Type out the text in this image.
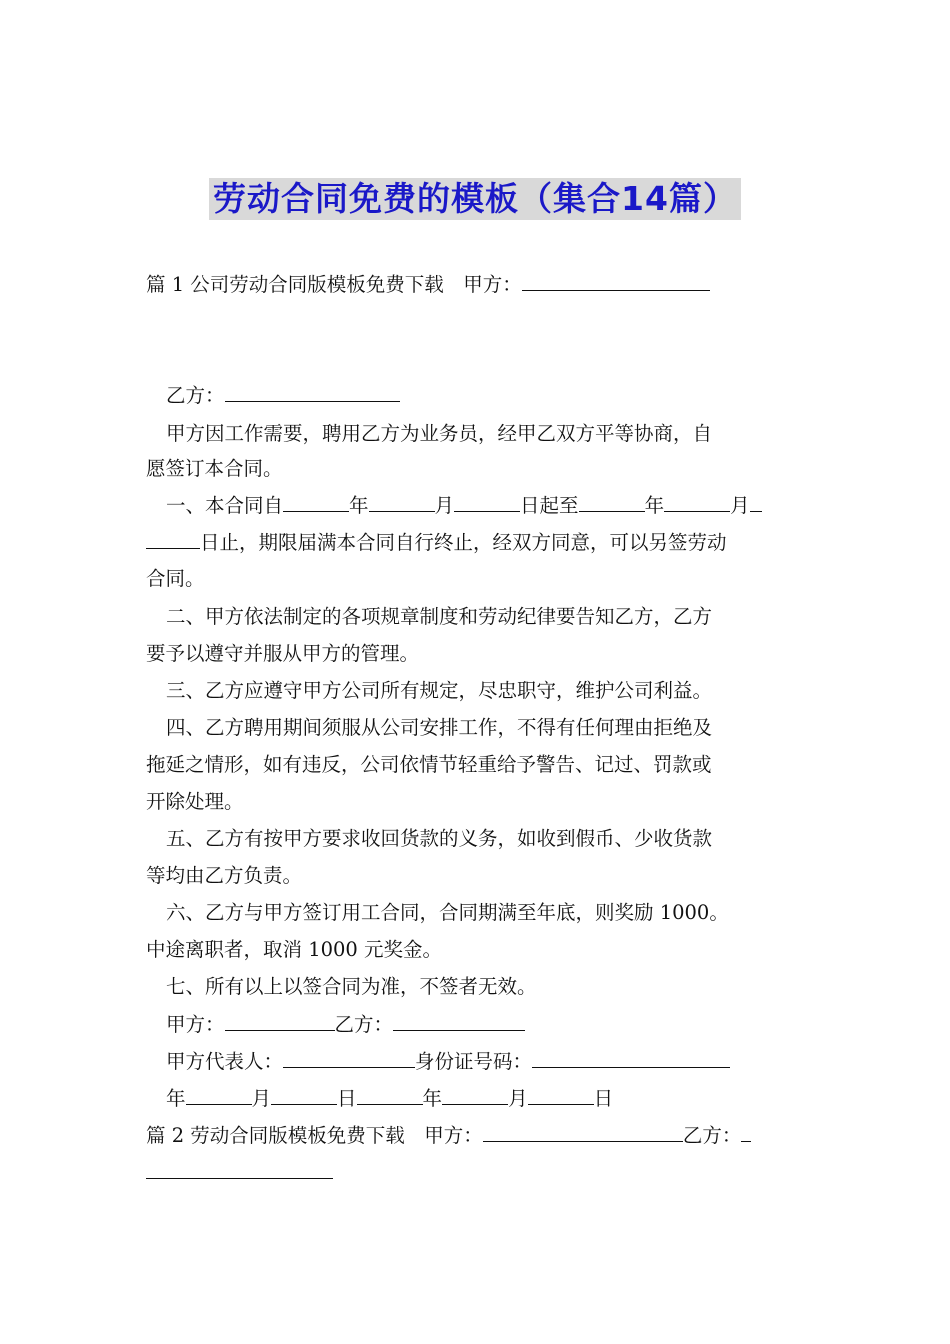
劳动合同免费的模板（集合14篇）
篇 1 公司劳动合同版模板免费下载　甲方：
乙方：
甲方因工作需要，聘用乙方为业务员，经甲乙双方平等协商，自
愿签订本合同。
一、本合同自	年	月	日起至	年	月
日止，期限届满本合同自行终止，经双方同意，可以另签劳动
合同。
二、甲方依法制定的各项规章制度和劳动纪律要告知乙方，乙方
要予以遵守并服从甲方的管理。
三、乙方应遵守甲方公司所有规定，尽忠职守，维护公司利益。
四、乙方聘用期间须服从公司安排工作，不得有任何理由拒绝及
拖延之情形，如有违反，公司依情节轻重给予警告、记过、罚款或
开除处理。
五、乙方有按甲方要求收回货款的义务，如收到假币、少收货款
等均由乙方负责。
六、乙方与甲方签订用工合同，合同期满至年底，则奖励 1000。
中途离职者，取消 1000 元奖金。
七、所有以上以签合同为准，不签者无效。
甲方：	乙方：
甲方代表人：	身份证号码：
年	月	日	年	月	日
篇 2 劳动合同版模板免费下载　甲方：	乙方：
